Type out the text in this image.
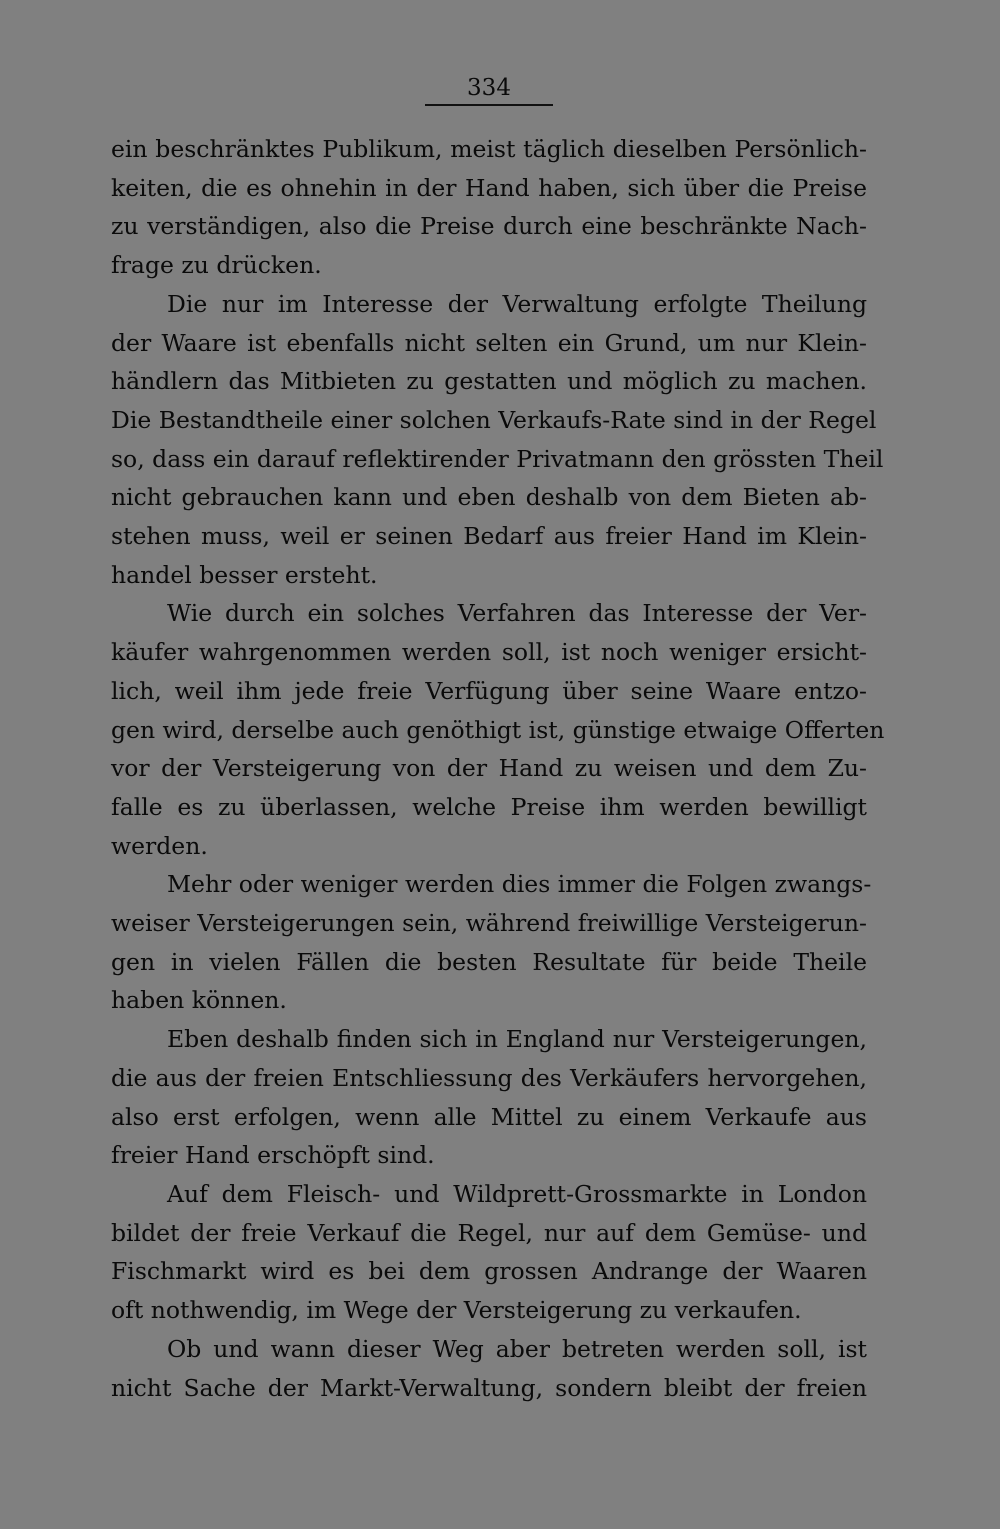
334
ein beschränktes Publikum, meist täglich dieselben Persönlich-
keiten, die es ohnehin in der Hand haben, sich über die Preise
zu verständigen, also die Preise durch eine beschränkte Nach-
frage zu drücken.
Die nur im Interesse der Verwaltung erfolgte Theilung
der Waare ist ebenfalls nicht selten ein Grund, um nur Klein-
händlern das Mitbieten zu gestatten und möglich zu machen.
Die Bestandtheile einer solchen Verkaufs-Rate sind in der Regel
so, dass ein darauf reflektirender Privatmann den grössten Theil
nicht gebrauchen kann und eben deshalb von dem Bieten ab-
stehen muss, weil er seinen Bedarf aus freier Hand im Klein-
handel besser ersteht.
Wie durch ein solches Verfahren das Interesse der Ver-
käufer wahrgenommen werden soll, ist noch weniger ersicht-
lich, weil ihm jede freie Verfügung über seine Waare entzo-
gen wird, derselbe auch genöthigt ist, günstige etwaige Offerten
vor der Versteigerung von der Hand zu weisen und dem Zu-
falle es zu überlassen, welche Preise ihm werden bewilligt
werden.
Mehr oder weniger werden dies immer die Folgen zwangs-
weiser Versteigerungen sein, während freiwillige Versteigerun-
gen in vielen Fällen die besten Resultate für beide Theile
haben können.
Eben deshalb finden sich in England nur Versteigerungen,
die aus der freien Entschliessung des Verkäufers hervorgehen,
also erst erfolgen, wenn alle Mittel zu einem Verkaufe aus
freier Hand erschöpft sind.
Auf dem Fleisch- und Wildprett-Grossmarkte in London
bildet der freie Verkauf die Regel, nur auf dem Gemüse- und
Fischmarkt wird es bei dem grossen Andrange der Waaren
oft nothwendig, im Wege der Versteigerung zu verkaufen.
Ob und wann dieser Weg aber betreten werden soll, ist
nicht Sache der Markt-Verwaltung, sondern bleibt der freien
